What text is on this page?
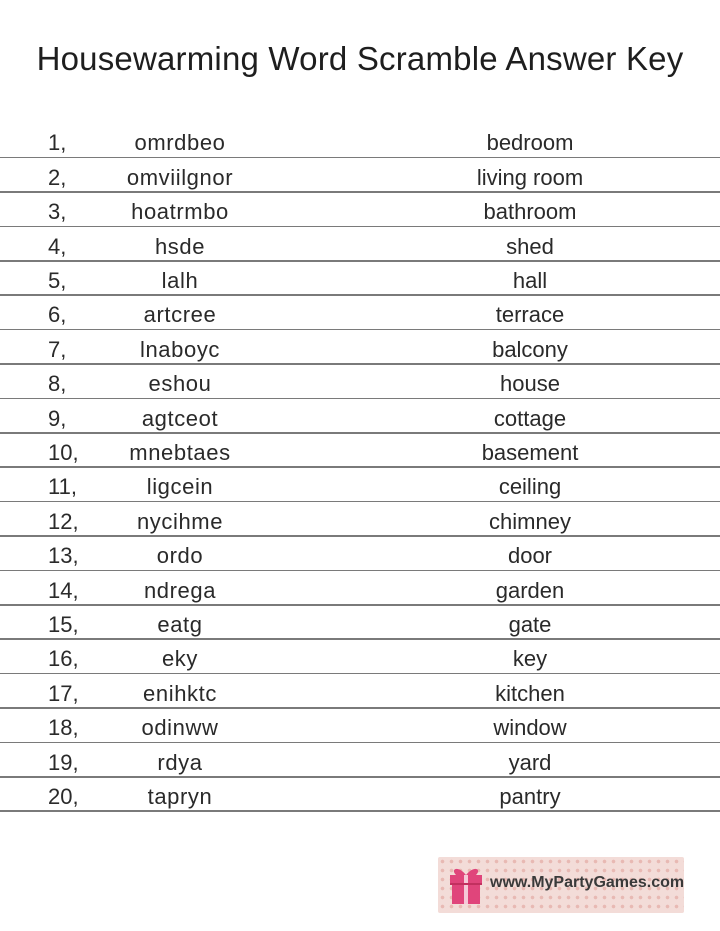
Housewarming Word Scramble Answer Key
1,	omrdbeo	bedroom
2,	omviilgnor	living room
3,	hoatrmbo	bathroom
4,	hsde	shed
5,	lalh	hall
6,	artcree	terrace
7,	lnaboyc	balcony
8,	eshou	house
9,	agtceot	cottage
10,	mnebtaes	basement
11,	ligcein	ceiling
12,	nycihme	chimney
13,	ordo	door
14,	ndrega	garden
15,	eatg	gate
16,	eky	key
17,	enihktc	kitchen
18,	odinww	window
19,	rdya	yard
20,	tapryn	pantry
www.MyPartyGames.com
